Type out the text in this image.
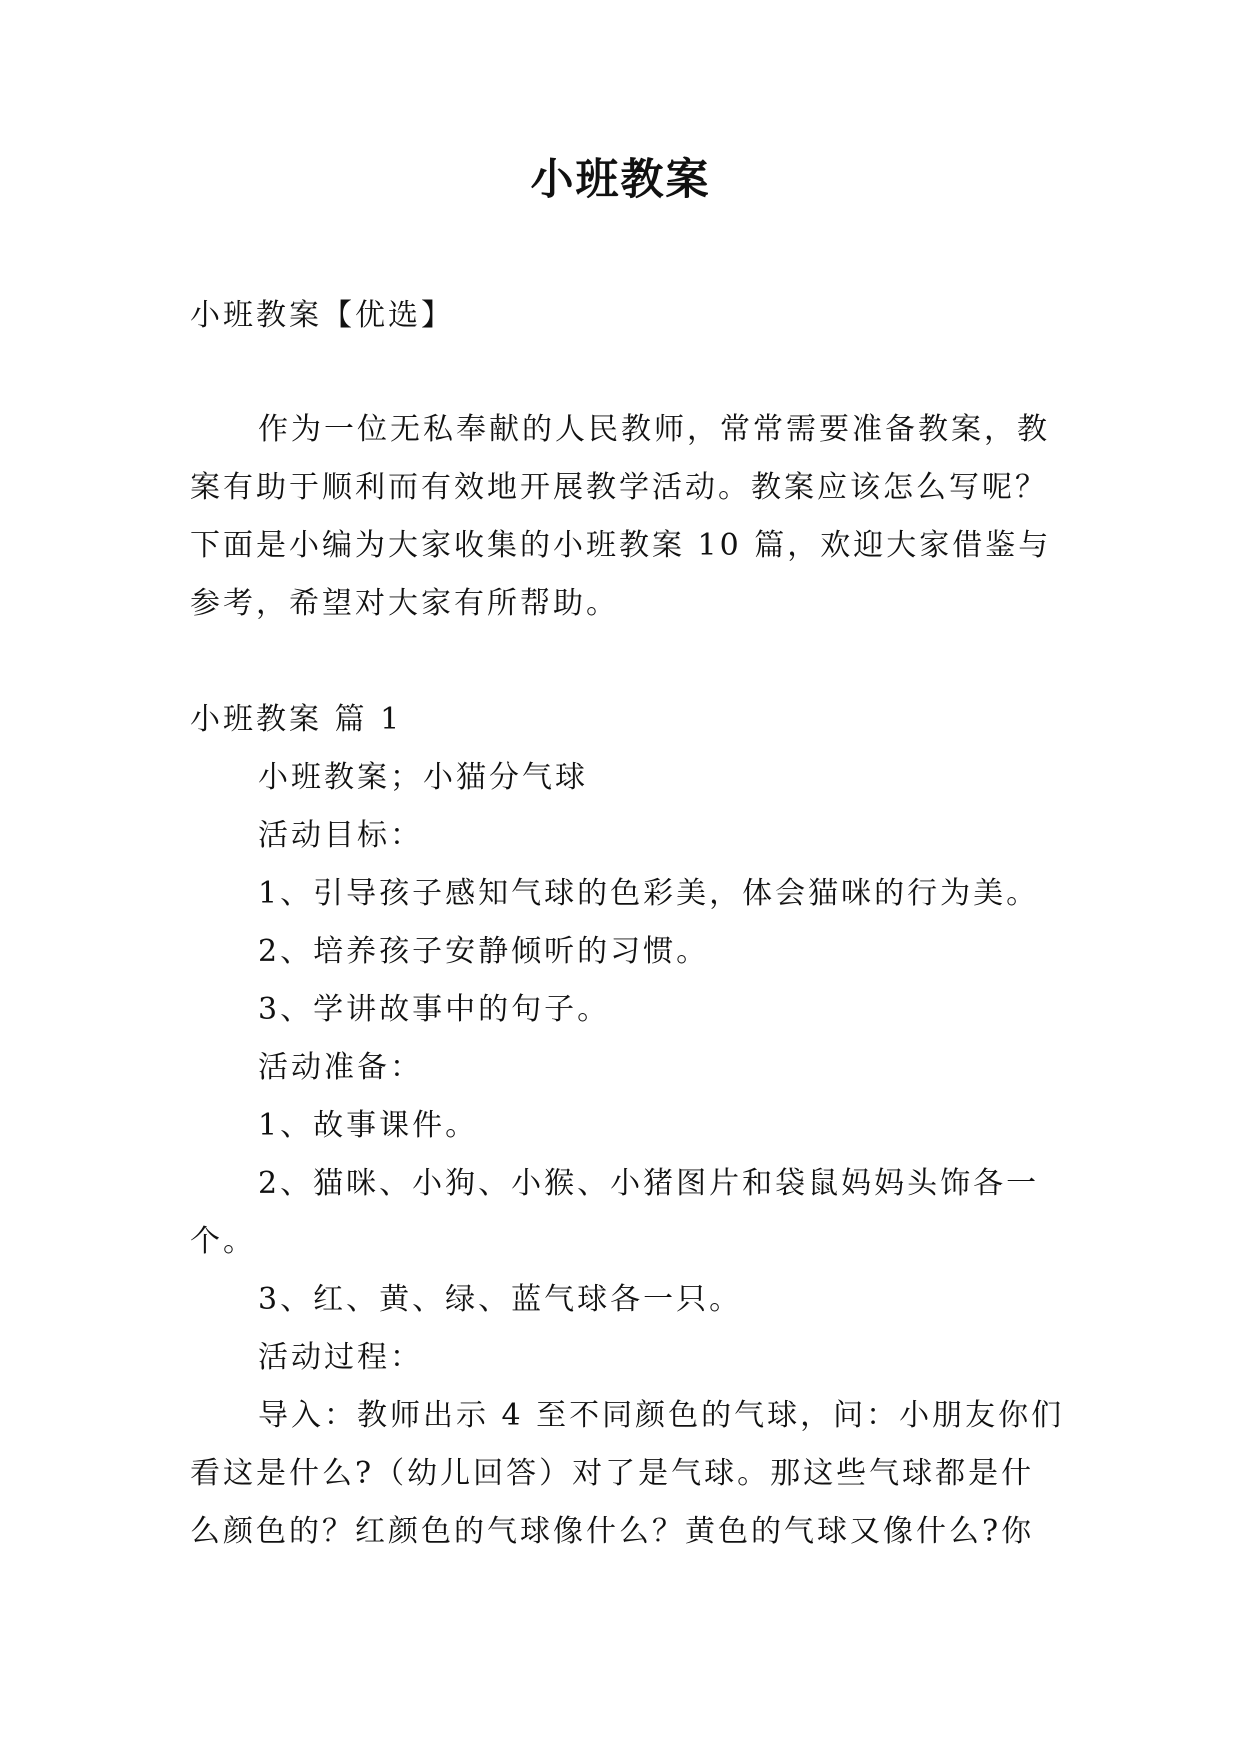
小班教案
小班教案【优选】
作为一位无私奉献的人民教师，常常需要准备教案，教
案有助于顺利而有效地开展教学活动。教案应该怎么写呢？
下面是小编为大家收集的小班教案 10 篇，欢迎大家借鉴与
参考，希望对大家有所帮助。
小班教案 篇 1
小班教案；小猫分气球
活动目标：
1、引导孩子感知气球的色彩美，体会猫咪的行为美。
2、培养孩子安静倾听的习惯。
3、学讲故事中的句子。
活动准备：
1、故事课件。
2、猫咪、小狗、小猴、小猪图片和袋鼠妈妈头饰各一
个。
3、红、黄、绿、蓝气球各一只。
活动过程：
导入：教师出示 4 至不同颜色的气球，问：小朋友你们
看这是什么?（幼儿回答）对了是气球。那这些气球都是什
么颜色的？红颜色的气球像什么？黄色的气球又像什么?你
